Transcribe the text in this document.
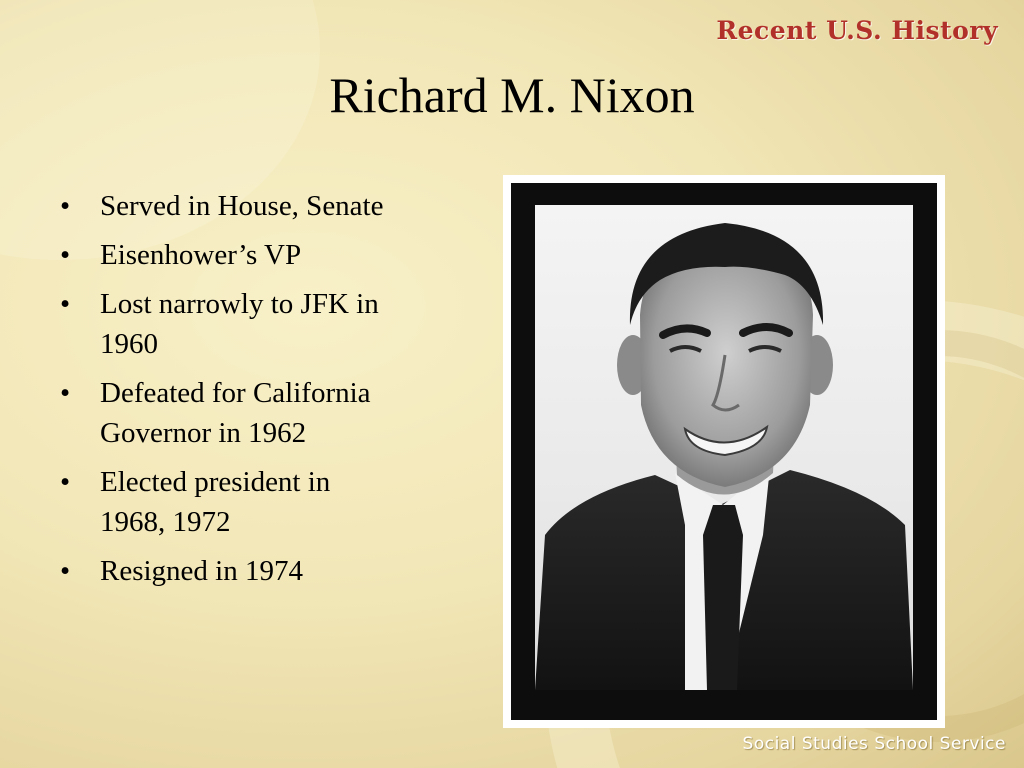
Recent U.S. History
Richard M. Nixon
• Served in House, Senate
• Eisenhower’s VP
• Lost narrowly to JFK in 1960
• Defeated for California Governor in 1962
• Elected president in 1968, 1972
• Resigned in 1974
Social Studies School Service
